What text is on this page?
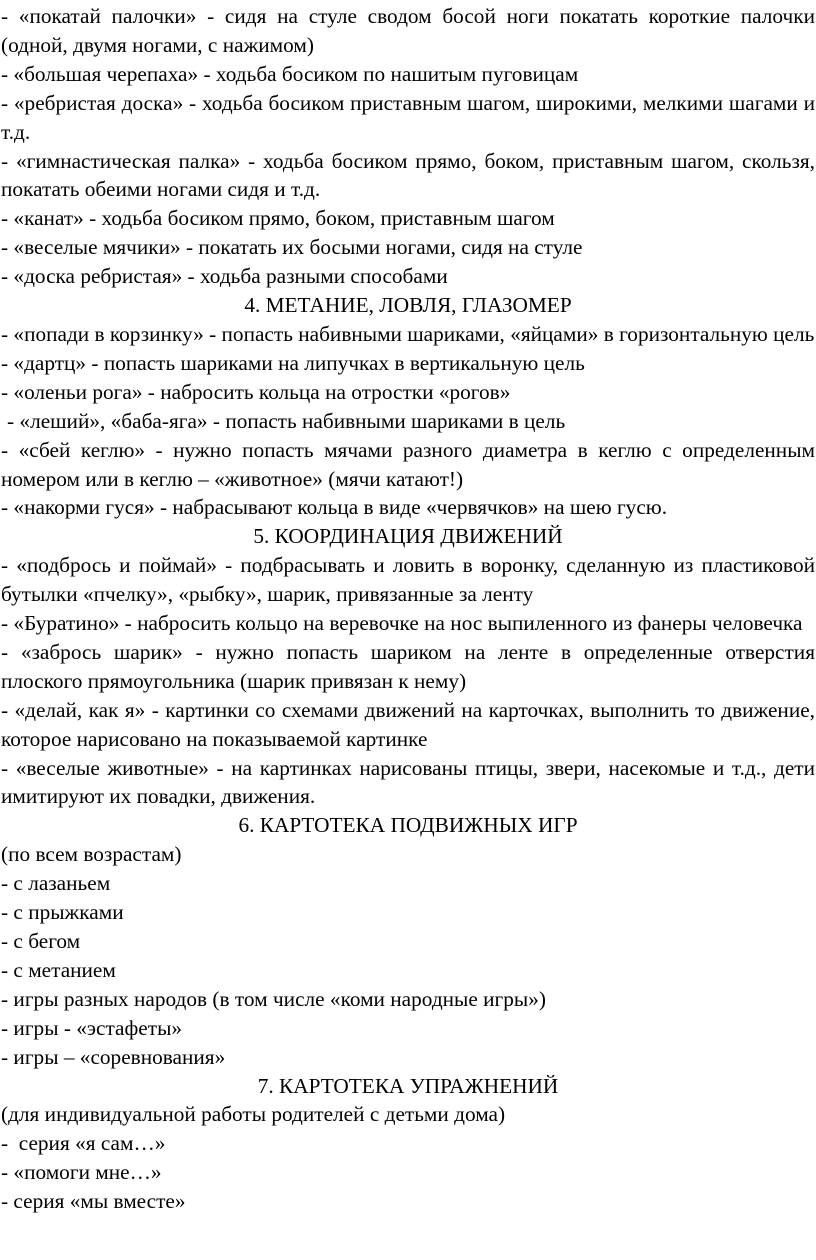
- «покатай палочки» - сидя на стуле сводом босой ноги покатать короткие палочки (одной, двумя ногами, с нажимом)

- «большая черепаха» - ходьба босиком по нашитым пуговицам

- «ребристая доска» - ходьба босиком приставным шагом, широкими, мелкими шагами и т.д.

- «гимнастическая палка» - ходьба босиком прямо, боком, приставным шагом, скользя, покатать обеими ногами сидя и т.д.

- «канат» - ходьба босиком прямо, боком, приставным шагом

- «веселые мячики» - покатать их босыми ногами, сидя на стуле

- «доска ребристая» - ходьба разными способами

4. МЕТАНИЕ, ЛОВЛЯ, ГЛАЗОМЕР

- «попади в корзинку» - попасть набивными шариками, «яйцами» в горизонтальную цель

- «дартц» - попасть шариками на липучках в вертикальную цель

- «оленьи рога» - набросить кольца на отростки «рогов»

- «леший», «баба-яга» - попасть набивными шариками в цель

- «сбей кеглю» - нужно попасть мячами разного диаметра в кеглю с определенным номером или в кеглю – «животное» (мячи катают!)

- «накорми гуся» - набрасывают кольца в виде «червячков» на шею гусю.

5. КООРДИНАЦИЯ ДВИЖЕНИЙ

- «подбрось и поймай» - подбрасывать и ловить в воронку, сделанную из пластиковой бутылки «пчелку», «рыбку», шарик, привязанные за ленту

- «Буратино» - набросить кольцо на веревочке на нос выпиленного из фанеры человечка

- «забрось шарик» - нужно попасть шариком на ленте в определенные отверстия плоского прямоугольника (шарик привязан к нему)

- «делай, как я» - картинки со схемами движений на карточках, выполнить то движение, которое нарисовано на показываемой картинке

- «веселые животные» - на картинках нарисованы птицы, звери, насекомые и т.д., дети имитируют их повадки, движения.

6. КАРТОТЕКА ПОДВИЖНЫХ ИГР

(по всем возрастам)

- с лазаньем

- с прыжками

- с бегом

- с метанием

- игры разных народов (в том числе «коми народные игры»)

- игры - «эстафеты»

- игры – «соревнования»

7. КАРТОТЕКА УПРАЖНЕНИЙ

(для индивидуальной работы родителей с детьми дома)

-  серия «я сам…»

- «помоги мне…»

- серия «мы вместе»
